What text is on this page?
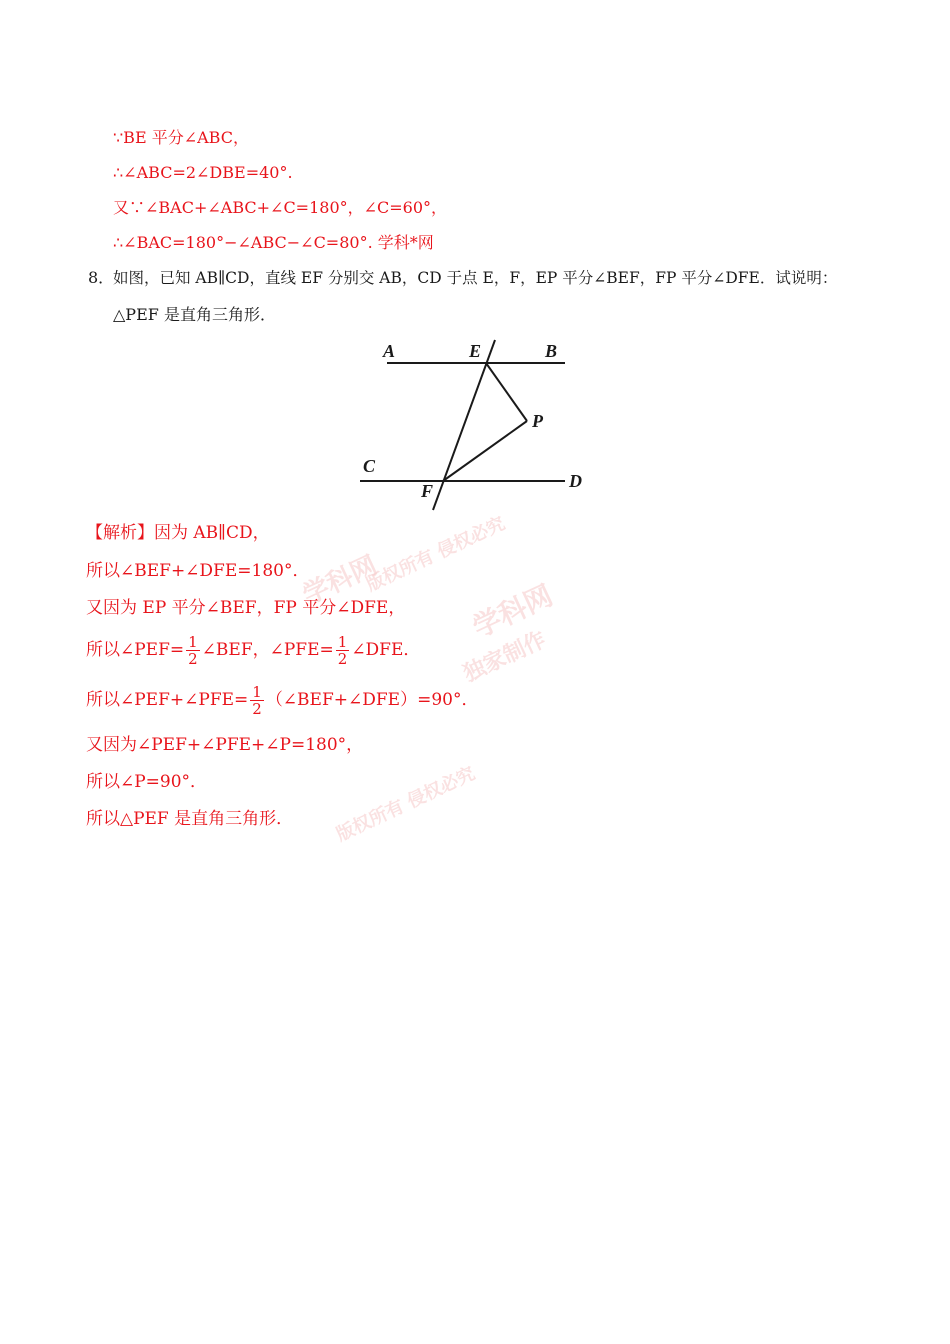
学科网
版权所有 侵权必究
学科网
独家制作
版权所有 侵权必究
∵BE 平分∠ABC，
∴∠ABC=2∠DBE=40°.
又∵∠BAC+∠ABC+∠C=180°，∠C=60°，
∴∠BAC=180°−∠ABC−∠C=80°. 学科*网
8．
如图，已知 AB∥CD，直线 EF 分别交 AB，CD 于点 E，F，EP 平分∠BEF，FP 平分∠DFE．试说明：
△PEF 是直角三角形．
A	E	B
P
C
D
F
【解析】因为 AB∥CD，
所以∠BEF+∠DFE=180°．
又因为 EP 平分∠BEF，FP 平分∠DFE，
所以∠PEF= $\frac{1}{2}$ ∠BEF，∠PFE= $\frac{1}{2}$ ∠DFE．
所以∠PEF+∠PFE= $\frac{1}{2}$ （∠BEF+∠DFE）=90°．
又因为∠PEF+∠PFE+∠P=180°，
所以∠P=90°．
所以△PEF 是直角三角形．
